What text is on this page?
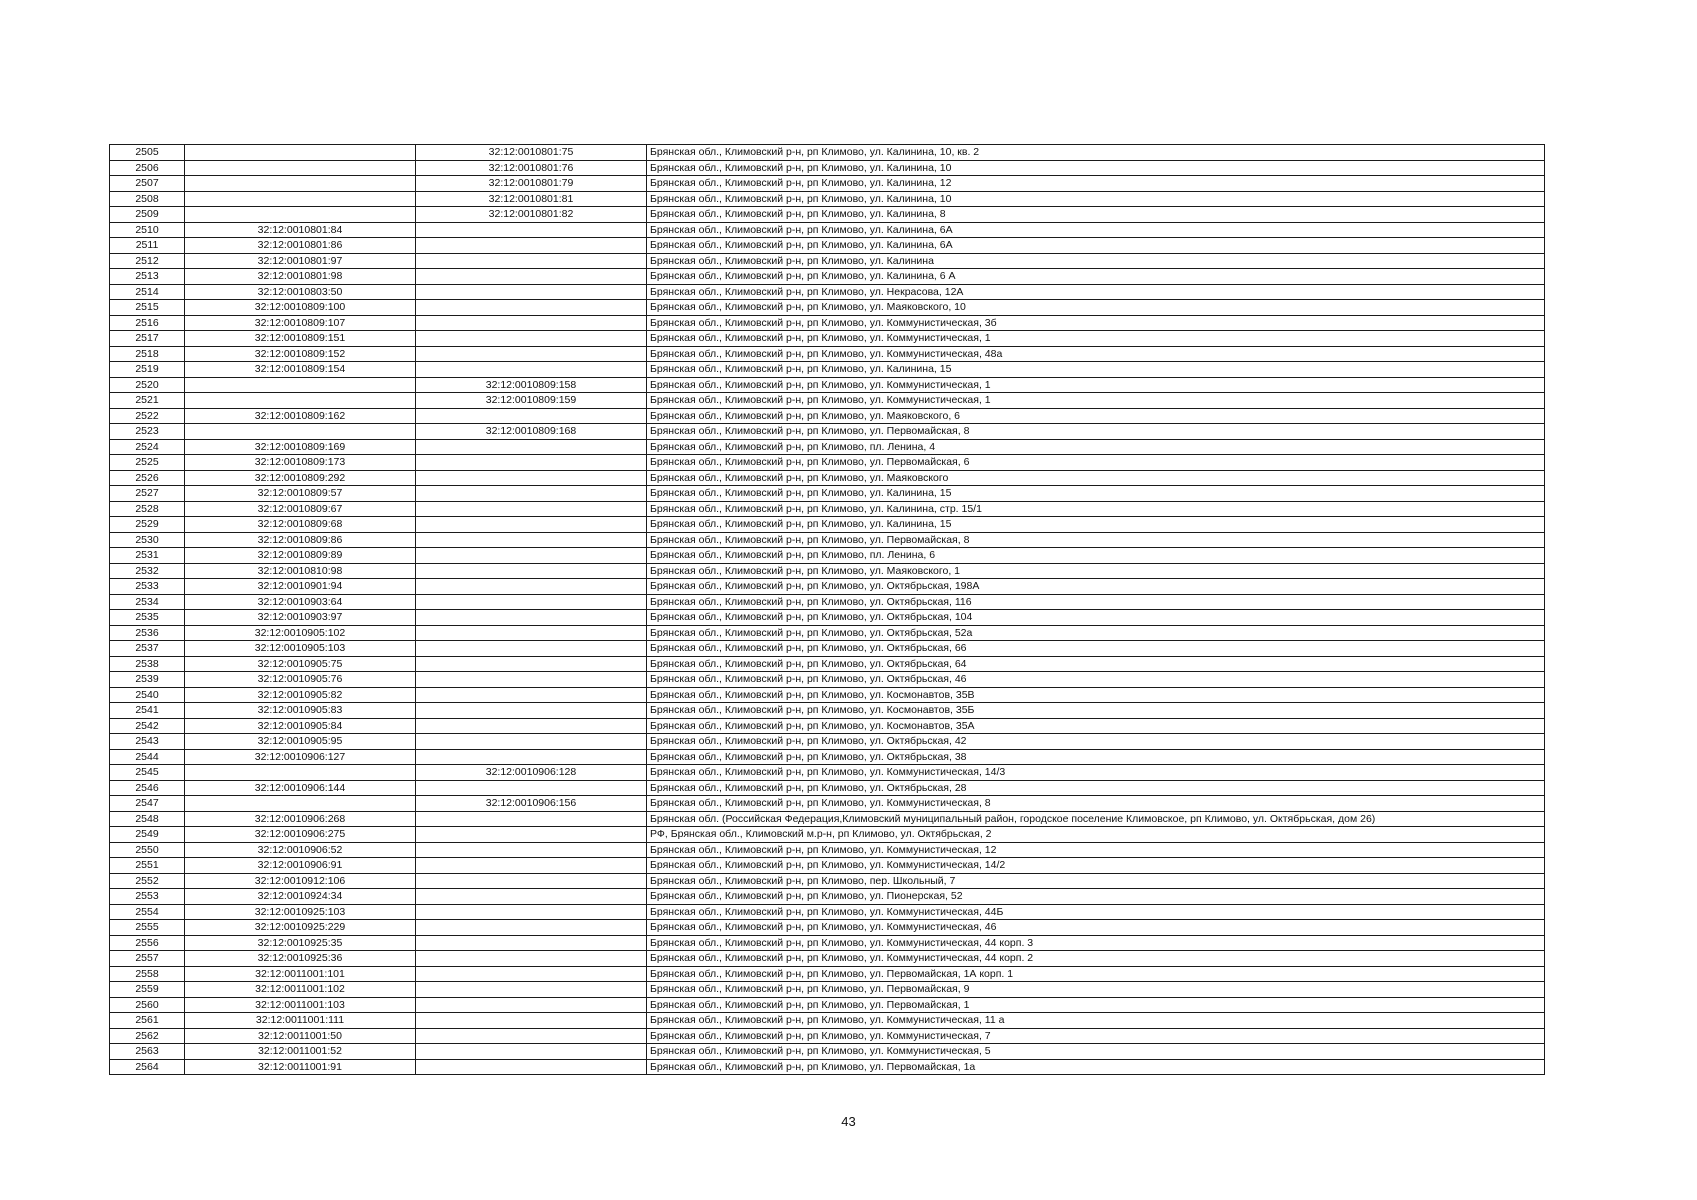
2505		32:12:0010801:75	Брянская обл., Климовский р-н, рп Климово, ул. Калинина, 10, кв. 2
2506		32:12:0010801:76	Брянская обл., Климовский р-н, рп Климово, ул. Калинина, 10
2507		32:12:0010801:79	Брянская обл., Климовский р-н, рп Климово, ул. Калинина, 12
2508		32:12:0010801:81	Брянская обл., Климовский р-н, рп Климово, ул. Калинина, 10
2509		32:12:0010801:82	Брянская обл., Климовский р-н, рп Климово, ул. Калинина, 8
2510	32:12:0010801:84		Брянская обл., Климовский р-н, рп Климово, ул. Калинина, 6А
2511	32:12:0010801:86		Брянская обл., Климовский р-н, рп Климово, ул. Калинина, 6А
2512	32:12:0010801:97		Брянская обл., Климовский р-н, рп Климово, ул. Калинина
2513	32:12:0010801:98		Брянская обл., Климовский р-н, рп Климово, ул. Калинина, 6 А
2514	32:12:0010803:50		Брянская обл., Климовский р-н, рп Климово, ул. Некрасова, 12А
2515	32:12:0010809:100		Брянская обл., Климовский р-н, рп Климово, ул. Маяковского, 10
2516	32:12:0010809:107		Брянская обл., Климовский р-н, рп Климово, ул. Коммунистическая, 3б
2517	32:12:0010809:151		Брянская обл., Климовский р-н, рп Климово, ул. Коммунистическая, 1
2518	32:12:0010809:152		Брянская обл., Климовский р-н, рп Климово, ул. Коммунистическая, 48а
2519	32:12:0010809:154		Брянская обл., Климовский р-н, рп Климово, ул. Калинина, 15
2520		32:12:0010809:158	Брянская обл., Климовский р-н, рп Климово, ул. Коммунистическая, 1
2521		32:12:0010809:159	Брянская обл., Климовский р-н, рп Климово, ул. Коммунистическая, 1
2522	32:12:0010809:162		Брянская обл., Климовский р-н, рп Климово, ул. Маяковского, 6
2523		32:12:0010809:168	Брянская обл., Климовский р-н, рп Климово, ул. Первомайская, 8
2524	32:12:0010809:169		Брянская обл., Климовский р-н, рп Климово, пл. Ленина, 4
2525	32:12:0010809:173		Брянская обл., Климовский р-н, рп Климово, ул. Первомайская, 6
2526	32:12:0010809:292		Брянская обл., Климовский р-н, рп Климово, ул. Маяковского
2527	32:12:0010809:57		Брянская обл., Климовский р-н, рп Климово, ул. Калинина, 15
2528	32:12:0010809:67		Брянская обл., Климовский р-н, рп Климово, ул. Калинина, стр. 15/1
2529	32:12:0010809:68		Брянская обл., Климовский р-н, рп Климово, ул. Калинина, 15
2530	32:12:0010809:86		Брянская обл., Климовский р-н, рп Климово, ул. Первомайская, 8
2531	32:12:0010809:89		Брянская обл., Климовский р-н, рп Климово, пл. Ленина, 6
2532	32:12:0010810:98		Брянская обл., Климовский р-н, рп Климово, ул. Маяковского, 1
2533	32:12:0010901:94		Брянская обл., Климовский р-н, рп Климово, ул. Октябрьская, 198А
2534	32:12:0010903:64		Брянская обл., Климовский р-н, рп Климово, ул. Октябрьская, 116
2535	32:12:0010903:97		Брянская обл., Климовский р-н, рп Климово, ул. Октябрьская, 104
2536	32:12:0010905:102		Брянская обл., Климовский р-н, рп Климово, ул. Октябрьская, 52а
2537	32:12:0010905:103		Брянская обл., Климовский р-н, рп Климово, ул. Октябрьская, 66
2538	32:12:0010905:75		Брянская обл., Климовский р-н, рп Климово, ул. Октябрьская, 64
2539	32:12:0010905:76		Брянская обл., Климовский р-н, рп Климово, ул. Октябрьская, 46
2540	32:12:0010905:82		Брянская обл., Климовский р-н, рп Климово, ул. Космонавтов, 35В
2541	32:12:0010905:83		Брянская обл., Климовский р-н, рп Климово, ул. Космонавтов, 35Б
2542	32:12:0010905:84		Брянская обл., Климовский р-н, рп Климово, ул. Космонавтов, 35А
2543	32:12:0010905:95		Брянская обл., Климовский р-н, рп Климово, ул. Октябрьская, 42
2544	32:12:0010906:127		Брянская обл., Климовский р-н, рп Климово, ул. Октябрьская, 38
2545		32:12:0010906:128	Брянская обл., Климовский р-н, рп Климово, ул. Коммунистическая, 14/3
2546	32:12:0010906:144		Брянская обл., Климовский р-н, рп Климово, ул. Октябрьская, 28
2547		32:12:0010906:156	Брянская обл., Климовский р-н, рп Климово, ул. Коммунистическая, 8
2548	32:12:0010906:268		Брянская обл. (Российская Федерация,Климовский муниципальный район, городское поселение Климовское, рп Климово, ул. Октябрьская, дом 26)
2549	32:12:0010906:275		РФ, Брянская обл., Климовский м.р-н, рп Климово, ул. Октябрьская, 2
2550	32:12:0010906:52		Брянская обл., Климовский р-н, рп Климово, ул. Коммунистическая, 12
2551	32:12:0010906:91		Брянская обл., Климовский р-н, рп Климово, ул. Коммунистическая, 14/2
2552	32:12:0010912:106		Брянская обл., Климовский р-н, рп Климово, пер. Школьный, 7
2553	32:12:0010924:34		Брянская обл., Климовский р-н, рп Климово, ул. Пионерская, 52
2554	32:12:0010925:103		Брянская обл., Климовский р-н, рп Климово, ул. Коммунистическая, 44Б
2555	32:12:0010925:229		Брянская обл., Климовский р-н, рп Климово, ул. Коммунистическая, 46
2556	32:12:0010925:35		Брянская обл., Климовский р-н, рп Климово, ул. Коммунистическая, 44 корп. 3
2557	32:12:0010925:36		Брянская обл., Климовский р-н, рп Климово, ул. Коммунистическая, 44 корп. 2
2558	32:12:0011001:101		Брянская обл., Климовский р-н, рп Климово, ул. Первомайская, 1А корп. 1
2559	32:12:0011001:102		Брянская обл., Климовский р-н, рп Климово, ул. Первомайская, 9
2560	32:12:0011001:103		Брянская обл., Климовский р-н, рп Климово, ул. Первомайская, 1
2561	32:12:0011001:111		Брянская обл., Климовский р-н, рп Климово, ул. Коммунистическая, 11 а
2562	32:12:0011001:50		Брянская обл., Климовский р-н, рп Климово, ул. Коммунистическая, 7
2563	32:12:0011001:52		Брянская обл., Климовский р-н, рп Климово, ул. Коммунистическая, 5
2564	32:12:0011001:91		Брянская обл., Климовский р-н, рп Климово, ул. Первомайская, 1а
43
